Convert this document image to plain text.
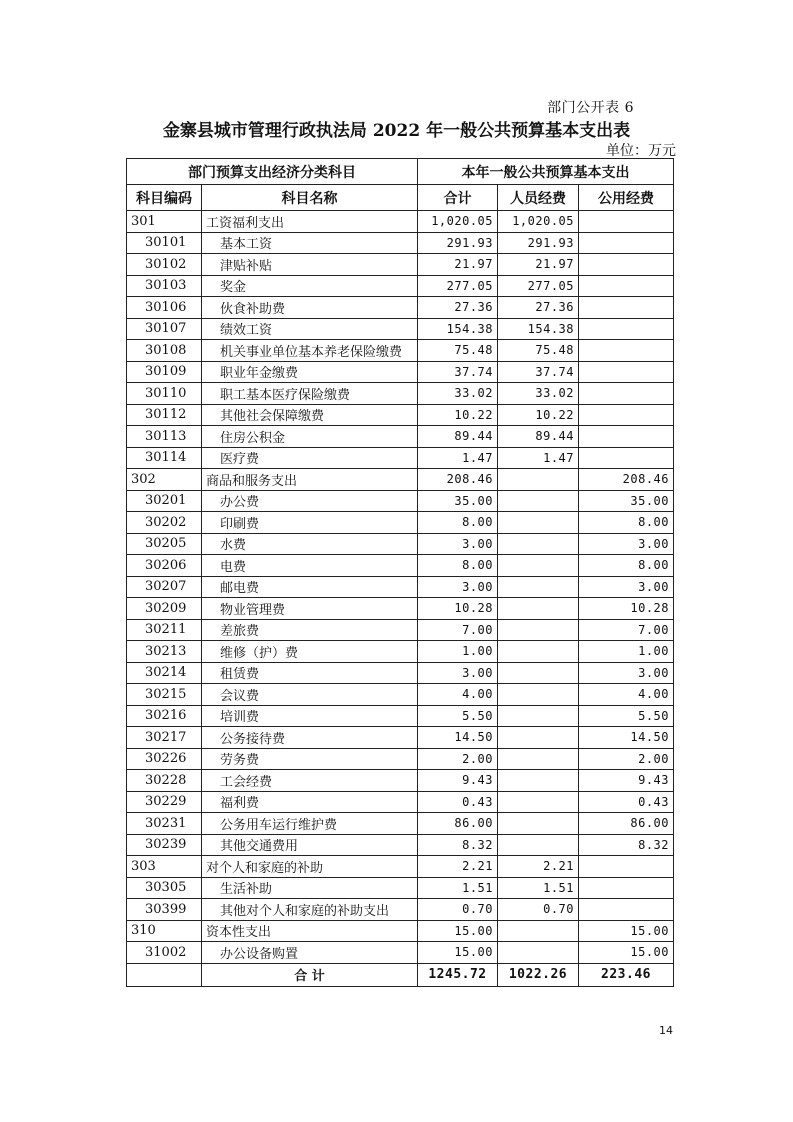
部门公开表 6
金寨县城市管理行政执法局 2022 年一般公共预算基本支出表
单位：万元
部门预算支出经济分类科目		本年一般公共预算基本支出		
科目编码	科目名称	合计	人员经费	公用经费
301	工资福利支出	1,020.05	1,020.05	
30101	基本工资	291.93	291.93	
30102	津贴补贴	21.97	21.97	
30103	奖金	277.05	277.05	
30106	伙食补助费	27.36	27.36	
30107	绩效工资	154.38	154.38	
30108	机关事业单位基本养老保险缴费	75.48	75.48	
30109	职业年金缴费	37.74	37.74	
30110	职工基本医疗保险缴费	33.02	33.02	
30112	其他社会保障缴费	10.22	10.22	
30113	住房公积金	89.44	89.44	
30114	医疗费	1.47	1.47	
302	商品和服务支出	208.46		208.46
30201	办公费	35.00		35.00
30202	印刷费	8.00		8.00
30205	水费	3.00		3.00
30206	电费	8.00		8.00
30207	邮电费	3.00		3.00
30209	物业管理费	10.28		10.28
30211	差旅费	7.00		7.00
30213	维修（护）费	1.00		1.00
30214	租赁费	3.00		3.00
30215	会议费	4.00		4.00
30216	培训费	5.50		5.50
30217	公务接待费	14.50		14.50
30226	劳务费	2.00		2.00
30228	工会经费	9.43		9.43
30229	福利费	0.43		0.43
30231	公务用车运行维护费	86.00		86.00
30239	其他交通费用	8.32		8.32
303	对个人和家庭的补助	2.21	2.21	
30305	生活补助	1.51	1.51	
30399	其他对个人和家庭的补助支出	0.70	0.70	
310	资本性支出	15.00		15.00
31002	办公设备购置	15.00		15.00
	合 计	1245.72	1022.26	223.46
14
